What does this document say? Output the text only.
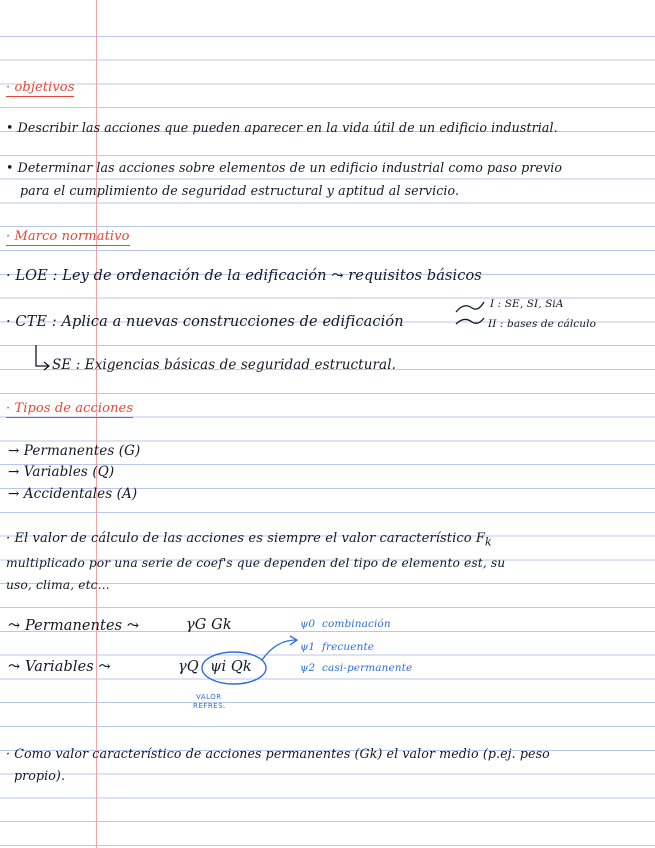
· objetivos
• Describir las acciones que pueden aparecer en la vida útil de un edificio industrial.
• Determinar las acciones sobre elementos de un edificio industrial como paso previo
para el cumplimiento de seguridad estructural y aptitud al servicio.
· Marco normativo
· LOE : Ley de ordenación de la edificación ⤳ requisitos básicos
· CTE : Aplica a nuevas construcciones de edificación
I : SE, SI, SiA
II : bases de cálculo
SE : Exigencias básicas de seguridad estructural.
· Tipos de acciones
→ Permanentes (G)
→ Variables (Q)
→ Accidentales (A)
· El valor de cálculo de las acciones es siempre el valor característico $F_k$
multiplicado por una serie de coef's que dependen del tipo de elemento est, su
uso, clima, etc...
⤳ Permanentes ⤳	γG Gk
⤳ Variables ⤳	γQ ψi Qk
VALOR
REFRES.
ψ0 combinación
ψ1 frecuente
ψ2 casi-permanente
· Como valor característico de acciones permanentes (Gk) el valor medio (p.ej. peso
propio).
